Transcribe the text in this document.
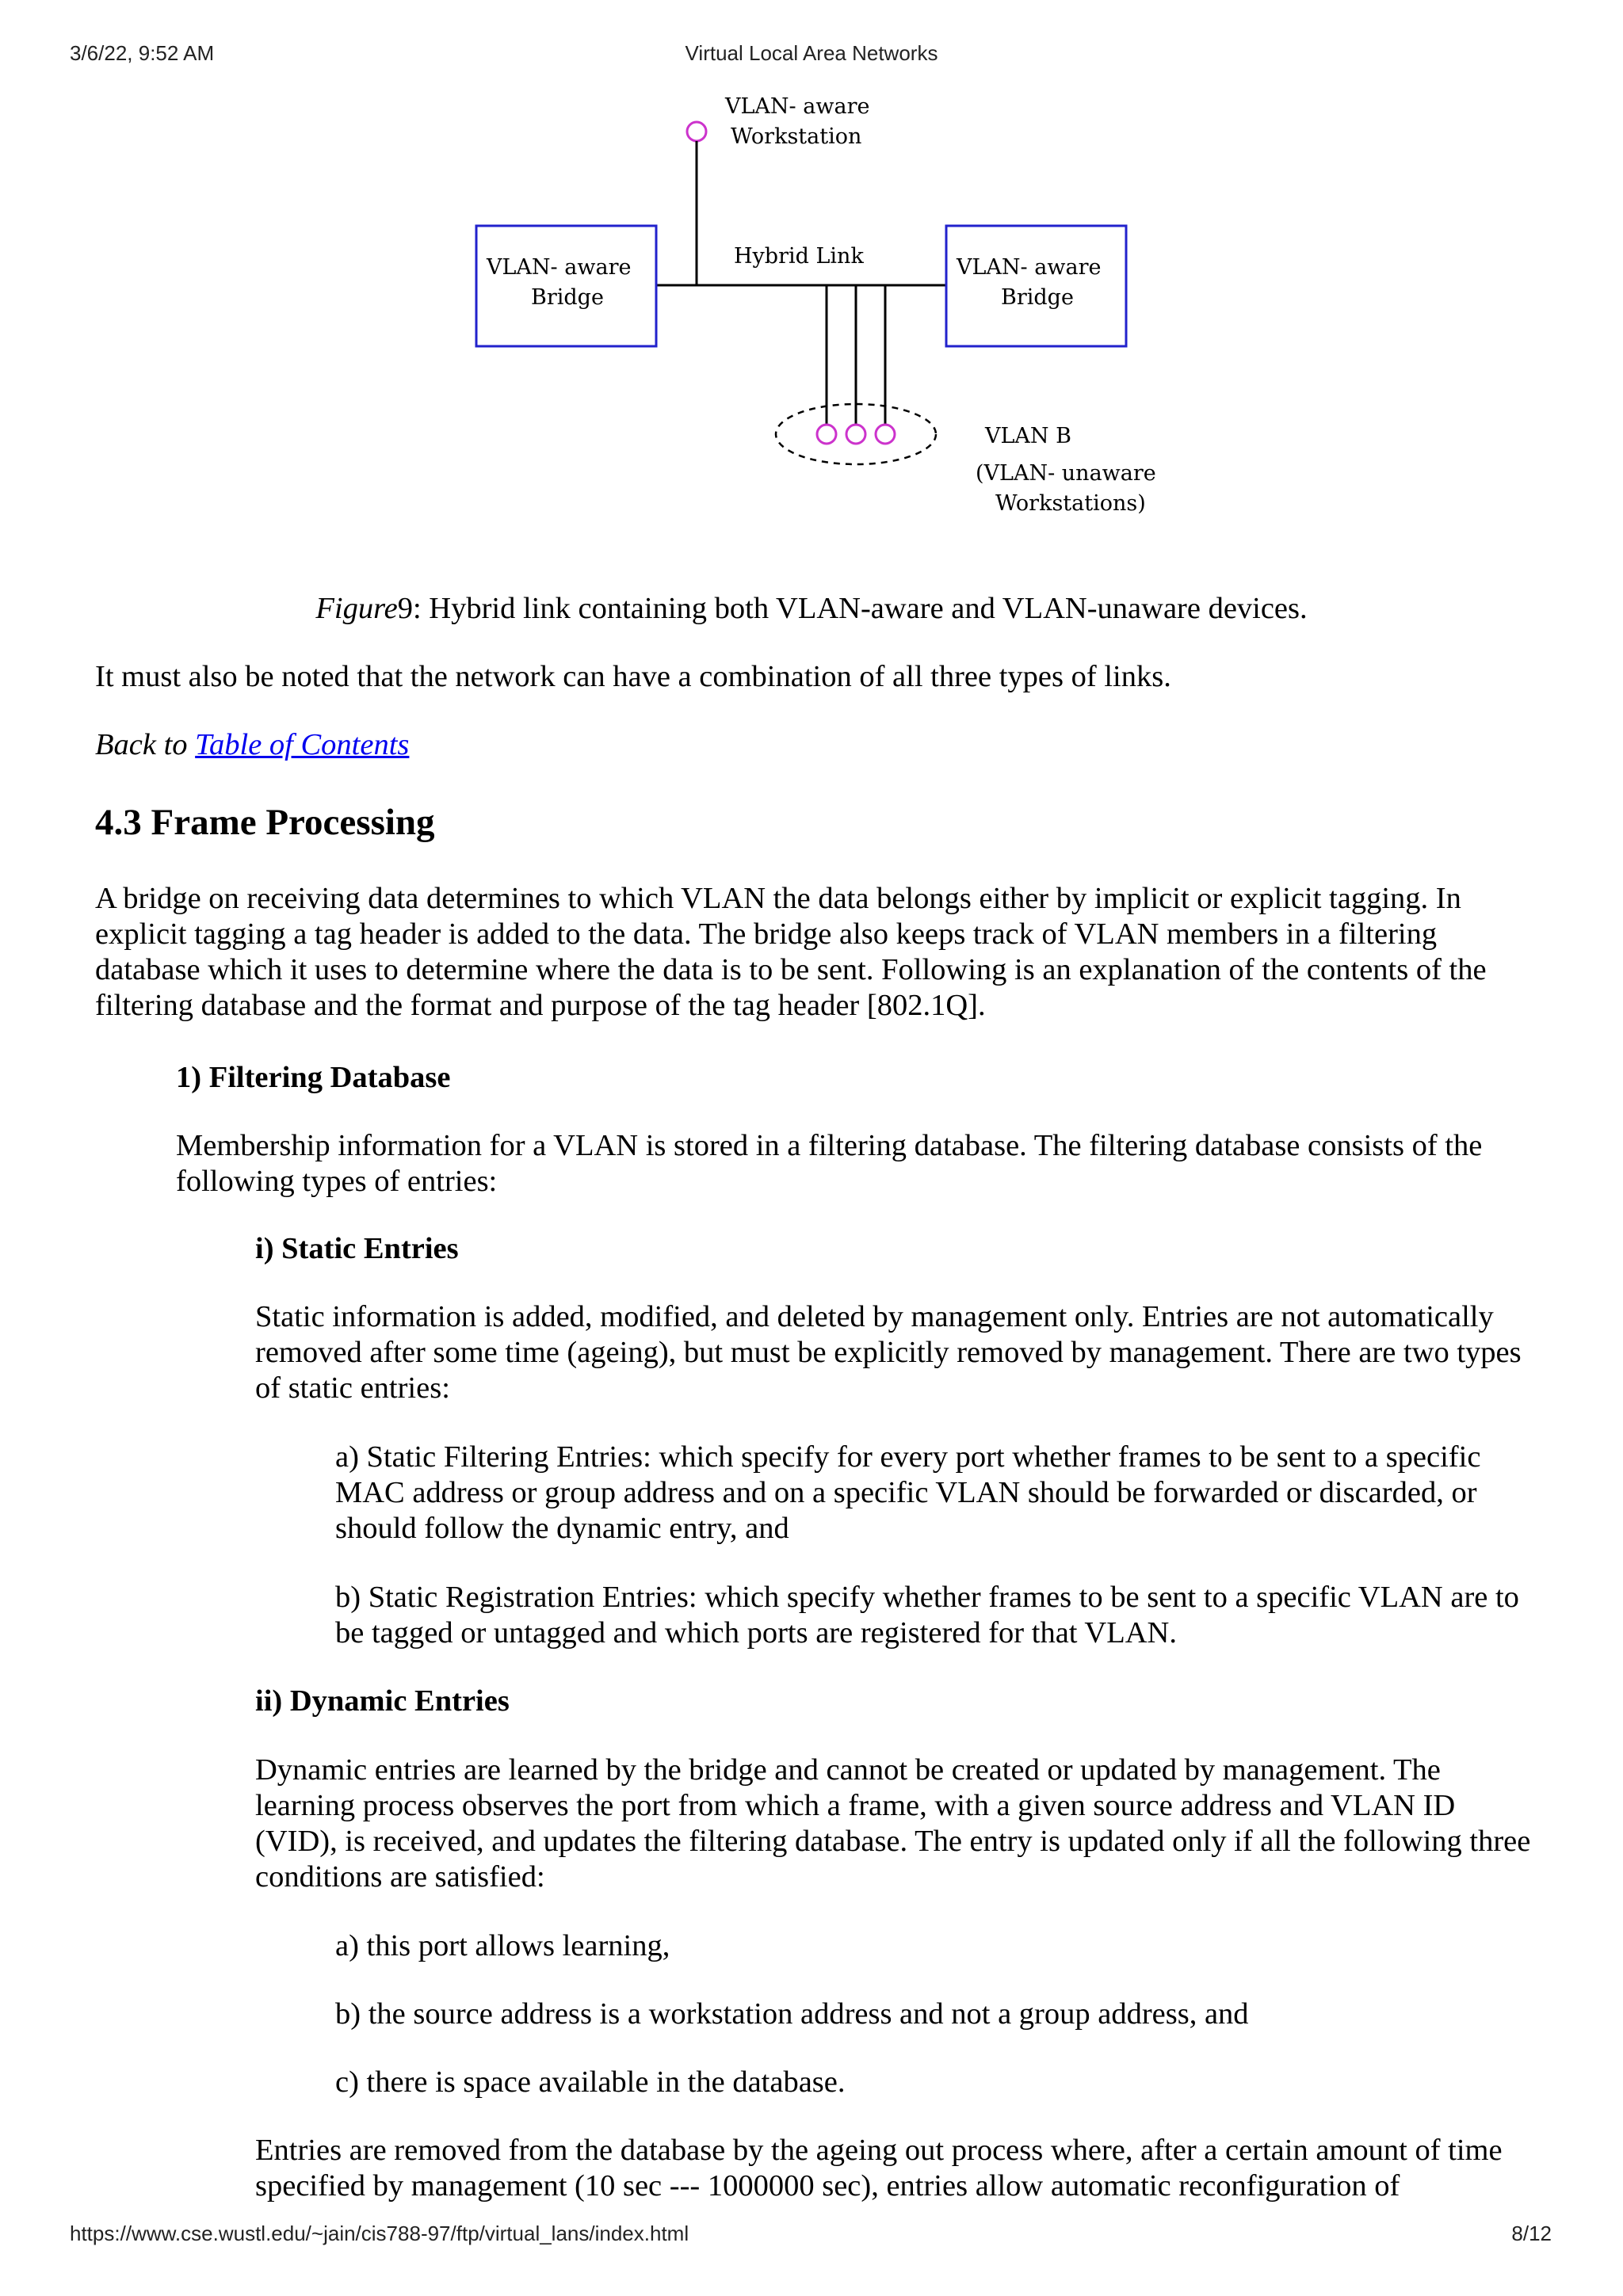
3/6/22, 9:52 AM	Virtual Local Area Networks
VLAN- aware
Workstation
Hybrid Link
VLAN- aware
Bridge
VLAN- aware
Bridge
VLAN B
(VLAN- unaware
Workstations)

Figure9: Hybrid link containing both VLAN-aware and VLAN-unaware devices.

It must also be noted that the network can have a combination of all three types of links.

Back to Table of Contents

4.3 Frame Processing

A bridge on receiving data determines to which VLAN the data belongs either by implicit or explicit tagging. In explicit tagging a tag header is added to the data. The bridge also keeps track of VLAN members in a filtering database which it uses to determine where the data is to be sent. Following is an explanation of the contents of the filtering database and the format and purpose of the tag header [802.1Q].

1) Filtering Database

Membership information for a VLAN is stored in a filtering database. The filtering database consists of the following types of entries:

i) Static Entries

Static information is added, modified, and deleted by management only. Entries are not automatically removed after some time (ageing), but must be explicitly removed by management. There are two types of static entries:

a) Static Filtering Entries: which specify for every port whether frames to be sent to a specific MAC address or group address and on a specific VLAN should be forwarded or discarded, or should follow the dynamic entry, and

b) Static Registration Entries: which specify whether frames to be sent to a specific VLAN are to be tagged or untagged and which ports are registered for that VLAN.

ii) Dynamic Entries

Dynamic entries are learned by the bridge and cannot be created or updated by management. The learning process observes the port from which a frame, with a given source address and VLAN ID (VID), is received, and updates the filtering database. The entry is updated only if all the following three conditions are satisfied:

a) this port allows learning,

b) the source address is a workstation address and not a group address, and

c) there is space available in the database.

Entries are removed from the database by the ageing out process where, after a certain amount of time specified by management (10 sec --- 1000000 sec), entries allow automatic reconfiguration of

https://www.cse.wustl.edu/~jain/cis788-97/ftp/virtual_lans/index.html	8/12
